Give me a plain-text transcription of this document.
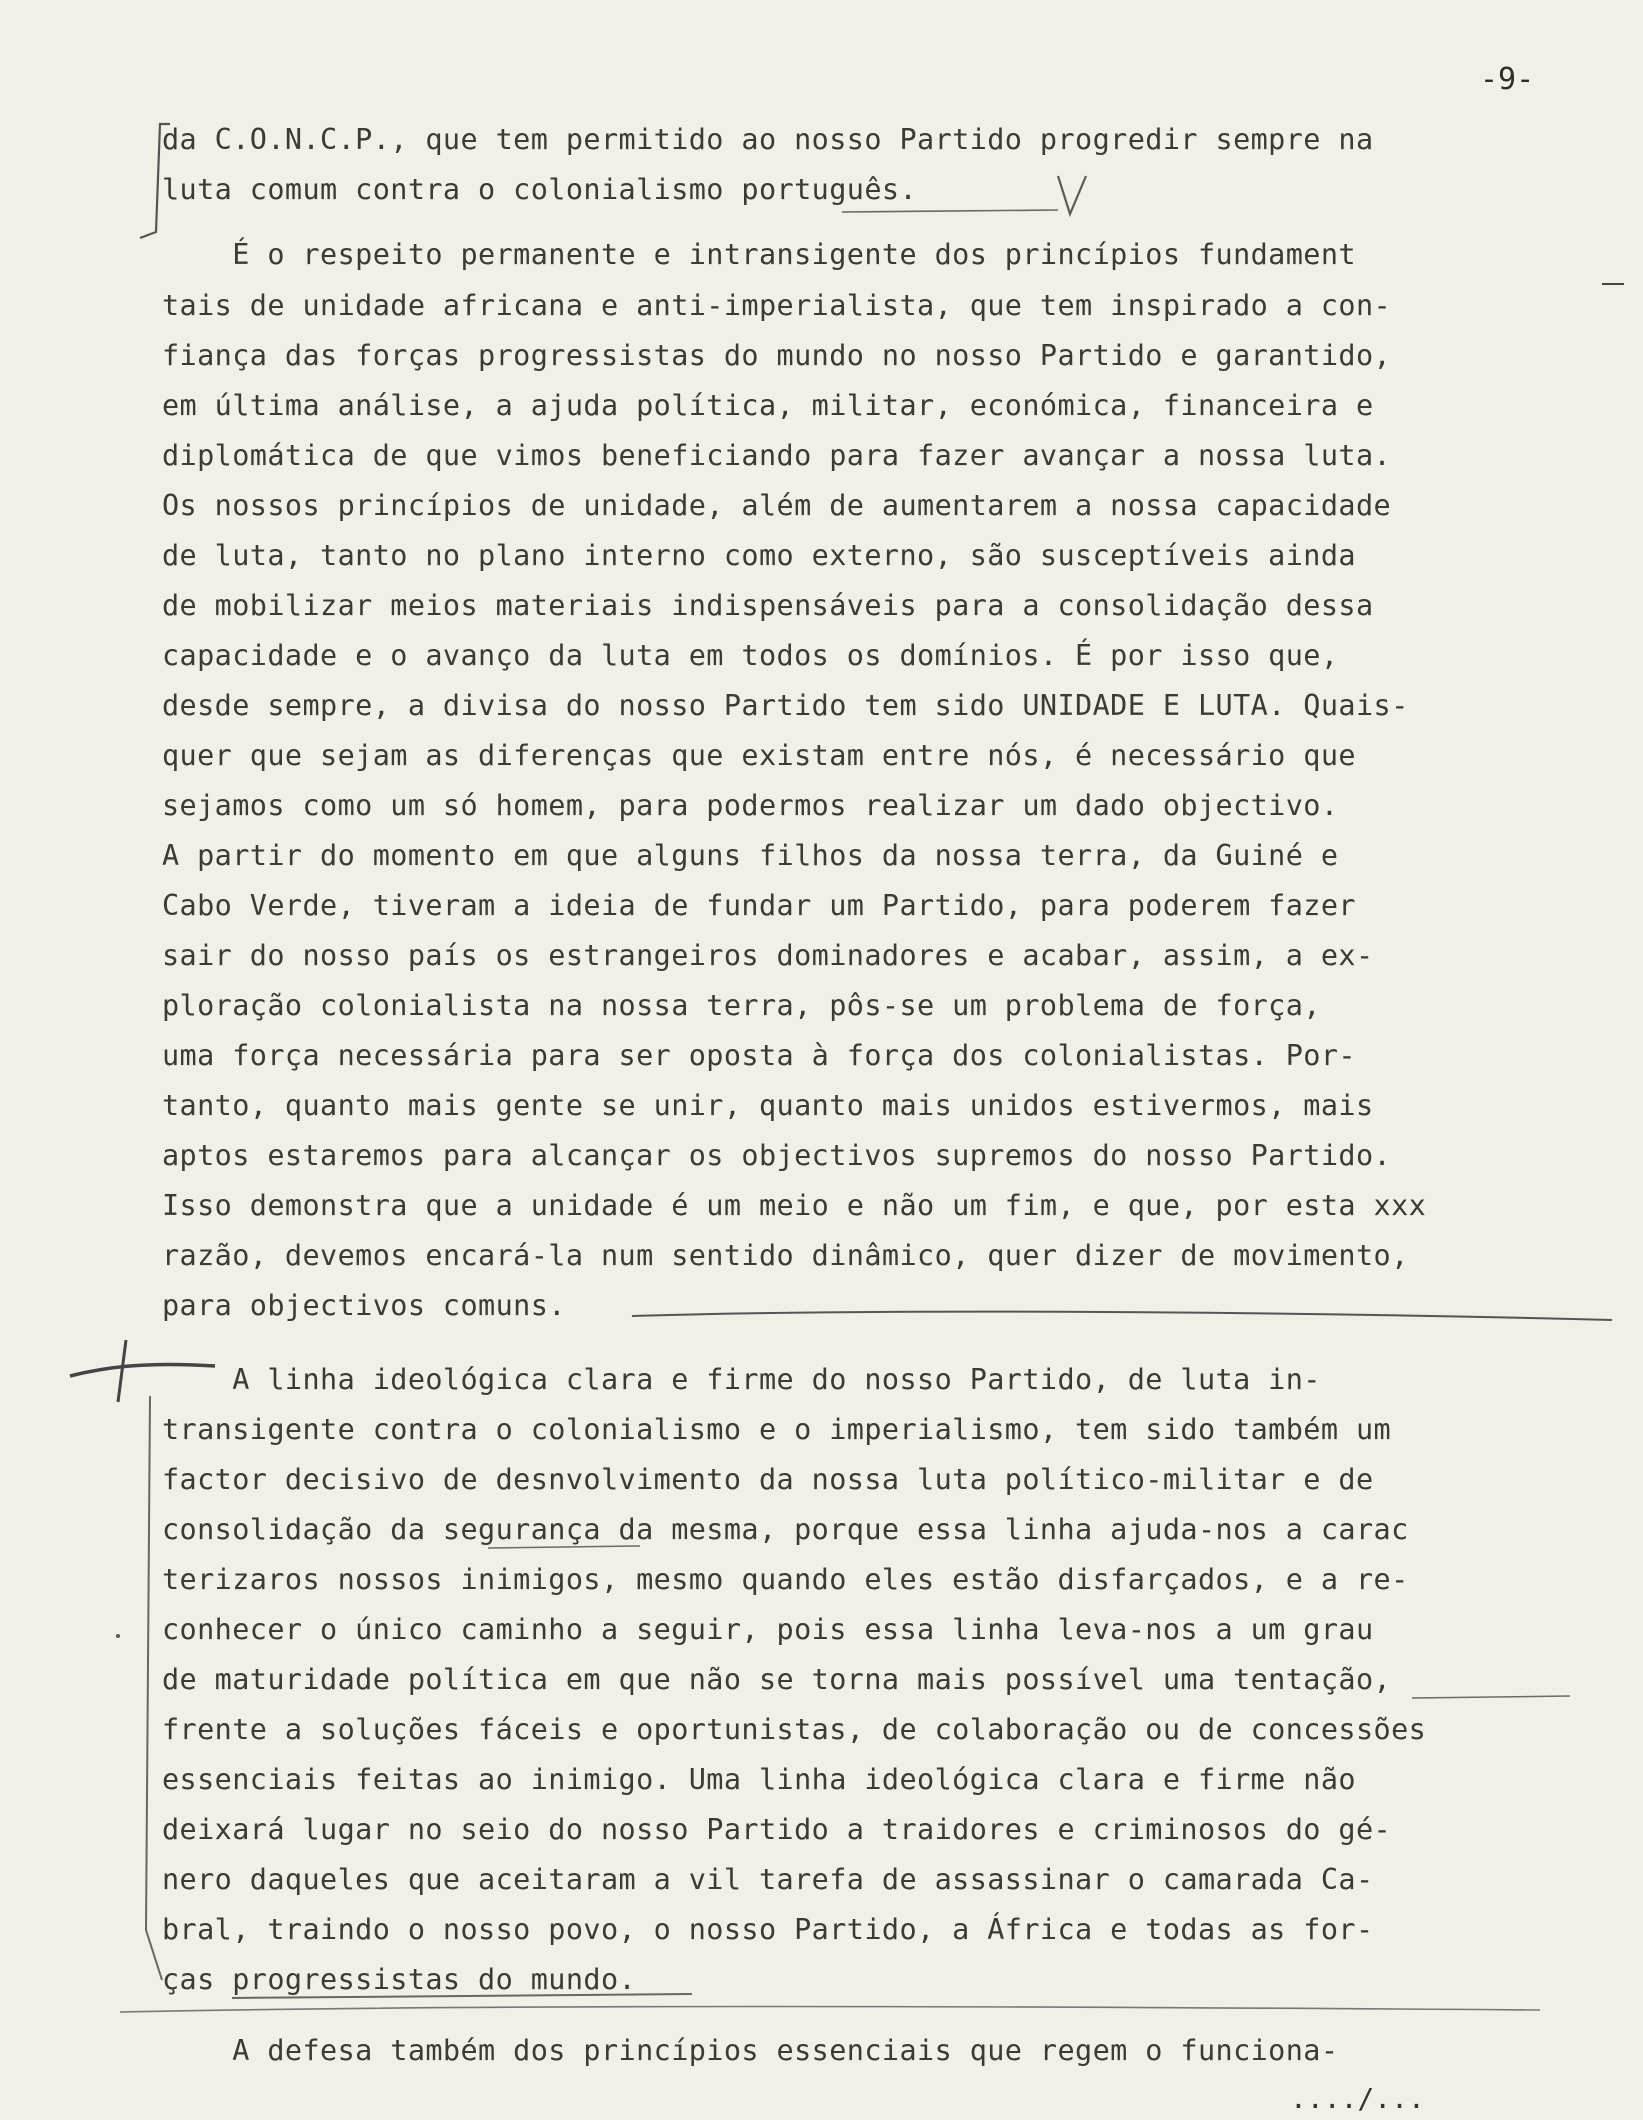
-9-
da C.O.N.C.P., que tem permitido ao nosso Partido progredir sempre na
luta comum contra o colonialismo português.
É o respeito permanente e intransigente dos princípios fundament
tais de unidade africana e anti-imperialista, que tem inspirado a con-
fiança das forças progressistas do mundo no nosso Partido e garantido,
em última análise, a ajuda política, militar, económica, financeira e
diplomática de que vimos beneficiando para fazer avançar a nossa luta.
Os nossos princípios de unidade, além de aumentarem a nossa capacidade
de luta, tanto no plano interno como externo, são susceptíveis ainda
de mobilizar meios materiais indispensáveis para a consolidação dessa
capacidade e o avanço da luta em todos os domínios. É por isso que,
desde sempre, a divisa do nosso Partido tem sido UNIDADE E LUTA. Quais-
quer que sejam as diferenças que existam entre nós, é necessário que
sejamos como um só homem, para podermos realizar um dado objectivo.
A partir do momento em que alguns filhos da nossa terra, da Guiné e
Cabo Verde, tiveram a ideia de fundar um Partido, para poderem fazer
sair do nosso país os estrangeiros dominadores e acabar, assim, a ex-
ploração colonialista na nossa terra, pôs-se um problema de força,
uma força necessária para ser oposta à força dos colonialistas. Por-
tanto, quanto mais gente se unir, quanto mais unidos estivermos, mais
aptos estaremos para alcançar os objectivos supremos do nosso Partido.
Isso demonstra que a unidade é um meio e não um fim, e que, por esta xxx
razão, devemos encará-la num sentido dinâmico, quer dizer de movimento,
para objectivos comuns.
A linha ideológica clara e firme do nosso Partido, de luta in-
transigente contra o colonialismo e o imperialismo, tem sido também um
factor decisivo de desnvolvimento da nossa luta político-militar e de
consolidação da segurança da mesma, porque essa linha ajuda-nos a carac
terizaros nossos inimigos, mesmo quando eles estão disfarçados, e a re-
conhecer o único caminho a seguir, pois essa linha leva-nos a um grau
de maturidade política em que não se torna mais possível uma tentação,
frente a soluções fáceis e oportunistas, de colaboração ou de concessões
essenciais feitas ao inimigo. Uma linha ideológica clara e firme não
deixará lugar no seio do nosso Partido a traidores e criminosos do gé-
nero daqueles que aceitaram a vil tarefa de assassinar o camarada Ca-
bral, traindo o nosso povo, o nosso Partido, a África e todas as for-
ças progressistas do mundo.
A defesa também dos princípios essenciais que regem o funciona-
..../...
